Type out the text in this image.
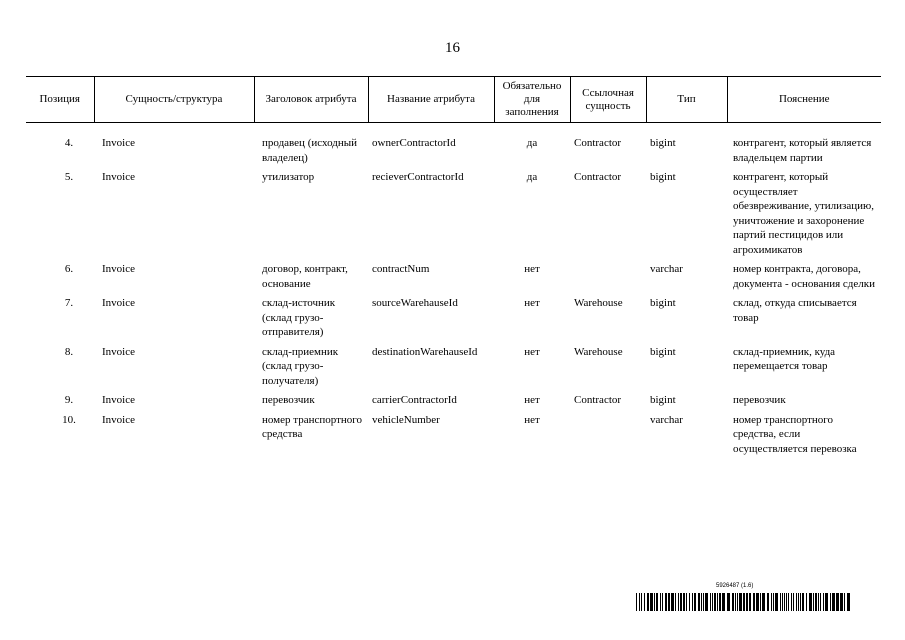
16
Позиция	Сущность/структура	Заголовок атрибута	Название атрибута	Обязательно для заполнения	Ссылочная сущность	Тип	Пояснение

4.	Invoice	продавец (исходный владелец)	ownerContractorId	да	Contractor	bigint	контрагент, который является владельцем партии
5.	Invoice	утилизатор	recieverContractorId	да	Contractor	bigint	контрагент, который осуществляет обезвреживание, утилизацию, уничтожение и захоронение партий пестицидов или агрохимикатов
6.	Invoice	договор, контракт, основание	contractNum	нет		varchar	номер контракта, договора, документа - основания сделки
7.	Invoice	склад-источник (склад грузо-отправителя)	sourceWarehauseId	нет	Warehouse	bigint	склад, откуда списывается товар
8.	Invoice	склад-приемник (склад грузо-получателя)	destinationWarehauseId	нет	Warehouse	bigint	склад-приемник, куда перемещается товар
9.	Invoice	перевозчик	carrierContractorId	нет	Contractor	bigint	перевозчик
10.	Invoice	номер транспортного средства	vehicleNumber	нет		varchar	номер транспортного средства, если осуществляется перевозка
5926487 (1.6)
